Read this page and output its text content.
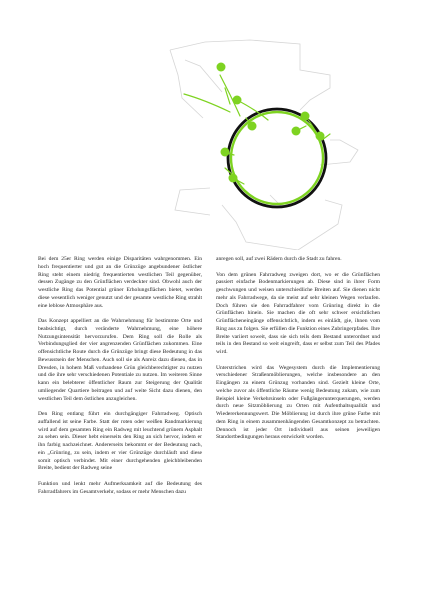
Bei dem 25er Ring werden einige Disparitäten wahrgenommen. Ein hoch frequentierter und gut an die Grünzüge angebundener östlicher Ring steht einem niedrig frequentierten westlichen Teil gegenüber, dessen Zugänge zu den Grünflächen verdeckter sind. Obwohl auch der westliche Ring das Potential grüner Erholungsflächen bietet, werden diese wesentlich weniger genutzt und der gesamte westliche Ring strahlt eine leblose Atmosphäre aus.

Das Konzept appelliert an die Wahrnehmung für bestimmte Orte und beabsichtigt, durch veränderte Wahrnehmung, eine höhere Nutzungsintensität hervorzurufen. Dem Ring soll die Rolle als Verbindungsglied der vier angrenzenden Grünflächen zukommen. Eine offensichtliche Route durch die Grünzüge bringt diese Bedeutung in das Bewusstsein der Menschen. Auch soll sie als Anreiz dazu dienen, das in Dresden, in hohem Maß vorhandene Grün gleichberechtigter zu nutzen und die ihre sehr verschiedenen Potentiale zu nutzen. Im weiteren Sinne kann ein belebterer öffentlicher Raum zur Steigerung der Qualität umliegender Quartiere beitragen und auf weite Sicht dazu dienen, den westlichen Teil dem östlichen anzugleichen.

Den Ring entlang führt ein durchgängiger Fahrradweg. Optisch auffallend ist seine Farbe. Statt der roten oder weißen Randmarkierung wird auf dem gesamten Ring ein Radweg mit leuchtend grünem Asphalt zu sehen sein. Dieser hebt einerseits den Ring an sich hervor, indem er ihn farbig nachzeichnet. Andererseits bekommt er der Bedeutung nach, ein „Grünring, zu sein, indem er vier Grünzüge durchläuft und diese somit optisch verbindet. Mit einer durchgehenden gleichbleibenden Breite, bedient der Radweg seine

Funktion und lenkt mehr Aufmerksamkeit auf die Bedeutung des Fahrradfahrers im Gesamtverkehr, sodass er mehr Menschen dazu

anregen soll, auf zwei Rädern durch die Stadt zu fahren.

Von dem grünen Fahrradweg zweigen dort, wo er die Grünflächen passiert einfache Bodenmarkierungen ab. Diese sind in ihrer Form geschwungen und weisen unterschiedliche Breiten auf. Sie dienen nicht mehr als Fahrradwege, da sie meist auf sehr kleinen Wegen verlaufen. Doch führen sie den Fahrradfahrer vom Grünring direkt in die Grünflächen hinein. Sie machen die oft sehr schwer ersichtlichen Grünflächeneingänge offensichtlich, indem es einlädt, gie, ihnen vom Ring aus zu folgen. Sie erfüllen die Funktion eines Zubringerpfades. Ihre Breite variiert soweit, dass sie sich teils dem Bestand unterordnet und teils in den Bestand so weit eingreift, dass er selbst zum Teil des Pfades wird.

Unterstrichen wird das Wegesystem durch die Implementierung verschiedener Straßenmöblierungen, welche insbesondere an den Eingängen zu einem Grünzug vorhanden sind. Gezielt kleine Orte, welche zuvor als öffentliche Räume wenig Bedeutung zukam, wie zum Beispiel kleine Verkehrsinseln oder Fußgängerunterquerungen, werden durch neue Sitzmöblierung zu Orten mit Aufenthaltsqualität und Wiedererkennungswert. Die Möblierung ist durch ihre grüne Farbe mit dem Ring in einem zusammenhängenden Gesamtkonzept zu betrachten. Dennoch ist jeder Ort individuell aus seinen jeweiligen Standortbedingungen heraus entwickelt worden.
